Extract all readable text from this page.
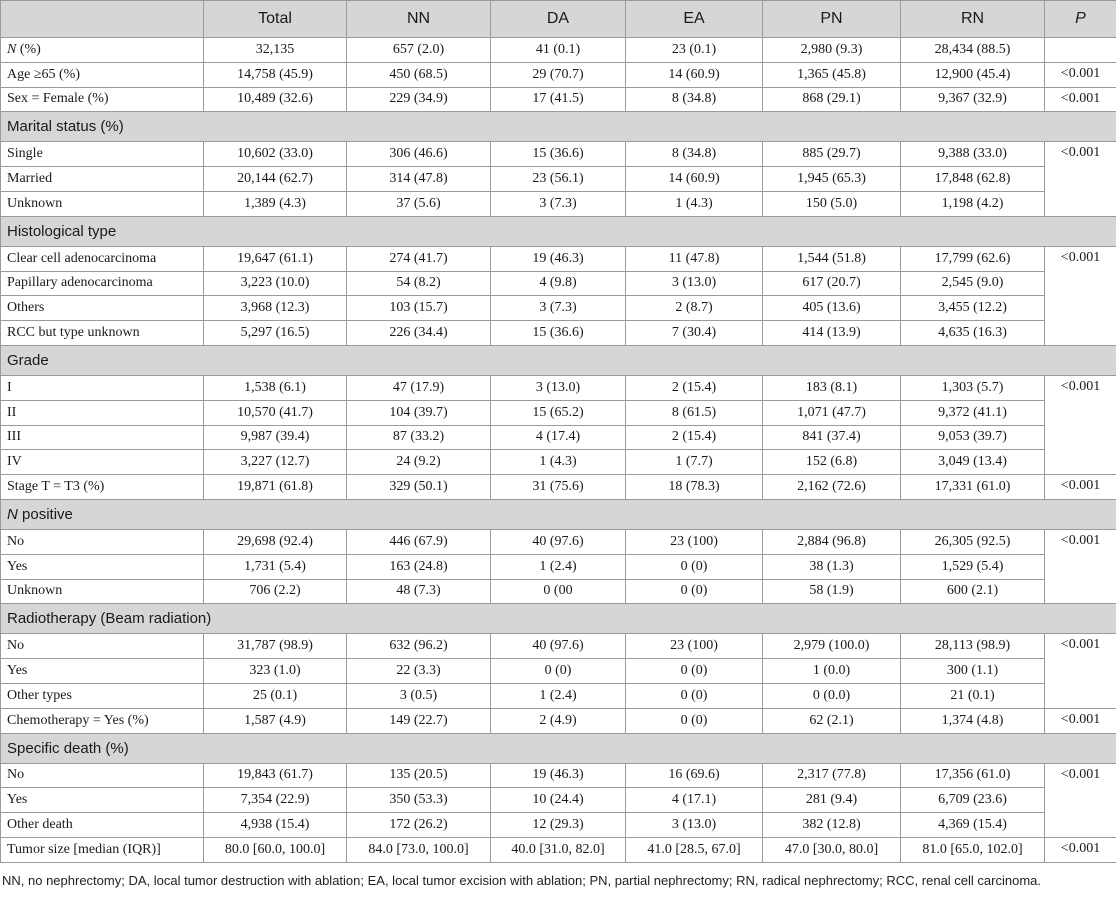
	Total	NN	DA	EA	PN	RN	P
N (%)	32,135	657 (2.0)	41 (0.1)	23 (0.1)	2,980 (9.3)	28,434 (88.5)	
Age ≥65 (%)	14,758 (45.9)	450 (68.5)	29 (70.7)	14 (60.9)	1,365 (45.8)	12,900 (45.4)	<0.001
Sex = Female (%)	10,489 (32.6)	229 (34.9)	17 (41.5)	8 (34.8)	868 (29.1)	9,367 (32.9)	<0.001
Marital status (%)							
Single	10,602 (33.0)	306 (46.6)	15 (36.6)	8 (34.8)	885 (29.7)	9,388 (33.0)	<0.001
Married	20,144 (62.7)	314 (47.8)	23 (56.1)	14 (60.9)	1,945 (65.3)	17,848 (62.8)	
Unknown	1,389 (4.3)	37 (5.6)	3 (7.3)	1 (4.3)	150 (5.0)	1,198 (4.2)	
Histological type							
Clear cell adenocarcinoma	19,647 (61.1)	274 (41.7)	19 (46.3)	11 (47.8)	1,544 (51.8)	17,799 (62.6)	<0.001
Papillary adenocarcinoma	3,223 (10.0)	54 (8.2)	4 (9.8)	3 (13.0)	617 (20.7)	2,545 (9.0)	
Others	3,968 (12.3)	103 (15.7)	3 (7.3)	2 (8.7)	405 (13.6)	3,455 (12.2)	
RCC but type unknown	5,297 (16.5)	226 (34.4)	15 (36.6)	7 (30.4)	414 (13.9)	4,635 (16.3)	
Grade							
I	1,538 (6.1)	47 (17.9)	3 (13.0)	2 (15.4)	183 (8.1)	1,303 (5.7)	<0.001
II	10,570 (41.7)	104 (39.7)	15 (65.2)	8 (61.5)	1,071 (47.7)	9,372 (41.1)	
III	9,987 (39.4)	87 (33.2)	4 (17.4)	2 (15.4)	841 (37.4)	9,053 (39.7)	
IV	3,227 (12.7)	24 (9.2)	1 (4.3)	1 (7.7)	152 (6.8)	3,049 (13.4)	
Stage T = T3 (%)	19,871 (61.8)	329 (50.1)	31 (75.6)	18 (78.3)	2,162 (72.6)	17,331 (61.0)	<0.001
N positive							
No	29,698 (92.4)	446 (67.9)	40 (97.6)	23 (100)	2,884 (96.8)	26,305 (92.5)	<0.001
Yes	1,731 (5.4)	163 (24.8)	1 (2.4)	0 (0)	38 (1.3)	1,529 (5.4)	
Unknown	706 (2.2)	48 (7.3)	0 (00	0 (0)	58 (1.9)	600 (2.1)	
Radiotherapy (Beam radiation)							
No	31,787 (98.9)	632 (96.2)	40 (97.6)	23 (100)	2,979 (100.0)	28,113 (98.9)	<0.001
Yes	323 (1.0)	22 (3.3)	0 (0)	0 (0)	1 (0.0)	300 (1.1)	
Other types	25 (0.1)	3 (0.5)	1 (2.4)	0 (0)	0 (0.0)	21 (0.1)	
Chemotherapy = Yes (%)	1,587 (4.9)	149 (22.7)	2 (4.9)	0 (0)	62 (2.1)	1,374 (4.8)	<0.001
Specific death (%)							
No	19,843 (61.7)	135 (20.5)	19 (46.3)	16 (69.6)	2,317 (77.8)	17,356 (61.0)	<0.001
Yes	7,354 (22.9)	350 (53.3)	10 (24.4)	4 (17.1)	281 (9.4)	6,709 (23.6)	
Other death	4,938 (15.4)	172 (26.2)	12 (29.3)	3 (13.0)	382 (12.8)	4,369 (15.4)	
Tumor size [median (IQR)]	80.0 [60.0, 100.0]	84.0 [73.0, 100.0]	40.0 [31.0, 82.0]	41.0 [28.5, 67.0]	47.0 [30.0, 80.0]	81.0 [65.0, 102.0]	<0.001
NN, no nephrectomy; DA, local tumor destruction with ablation; EA, local tumor excision with ablation; PN, partial nephrectomy; RN, radical nephrectomy; RCC, renal cell carcinoma.
